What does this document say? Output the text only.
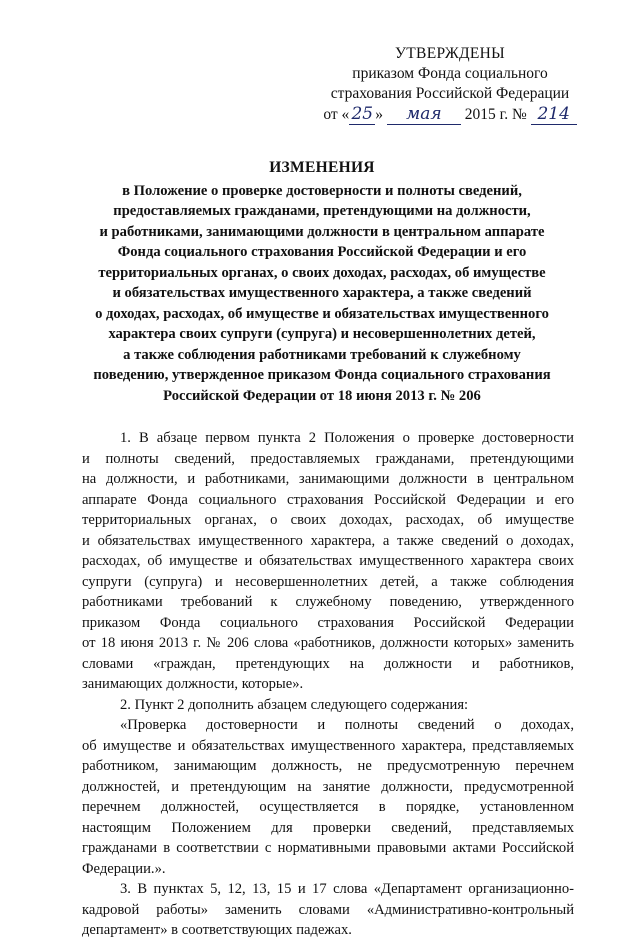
УТВЕРЖДЕНЫ
приказом Фонда социального
страхования Российской Федерации
от « 25 » мая 2015 г. № 214
ИЗМЕНЕНИЯ
в Положение о проверке достоверности и полноты сведений,
предоставляемых гражданами, претендующими на должности,
и работниками, занимающими должности в центральном аппарате
Фонда социального страхования Российской Федерации и его
территориальных органах, о своих доходах, расходах, об имуществе
и обязательствах имущественного характера, а также сведений
о доходах, расходах, об имуществе и обязательствах имущественного
характера своих супруги (супруга) и несовершеннолетних детей,
а также соблюдения работниками требований к служебному
поведению, утвержденное приказом Фонда социального страхования
Российской Федерации от 18 июня 2013 г. № 206
1. В абзаце первом пункта 2 Положения о проверке достоверности
и полноты сведений, предоставляемых гражданами, претендующими
на должности, и работниками, занимающими должности в центральном
аппарате Фонда социального страхования Российской Федерации и его
территориальных органах, о своих доходах, расходах, об имуществе
и обязательствах имущественного характера, а также сведений о доходах,
расходах, об имуществе и обязательствах имущественного характера своих
супруги (супруга) и несовершеннолетних детей, а также соблюдения
работниками требований к служебному поведению, утвержденного
приказом Фонда социального страхования Российской Федерации
от 18 июня 2013 г. № 206 слова «работников, должности которых» заменить
словами «граждан, претендующих на должности и работников,
занимающих должности, которые».
2. Пункт 2 дополнить абзацем следующего содержания:
«Проверка достоверности и полноты сведений о доходах,
об имуществе и обязательствах имущественного характера, представляемых
работником, занимающим должность, не предусмотренную перечнем
должностей, и претендующим на занятие должности, предусмотренной
перечнем должностей, осуществляется в порядке, установленном
настоящим Положением для проверки сведений, представляемых
гражданами в соответствии с нормативными правовыми актами Российской
Федерации.».
3. В пунктах 5, 12, 13, 15 и 17 слова «Департамент организационно-
кадровой работы» заменить словами «Административно-контрольный
департамент» в соответствующих падежах.
